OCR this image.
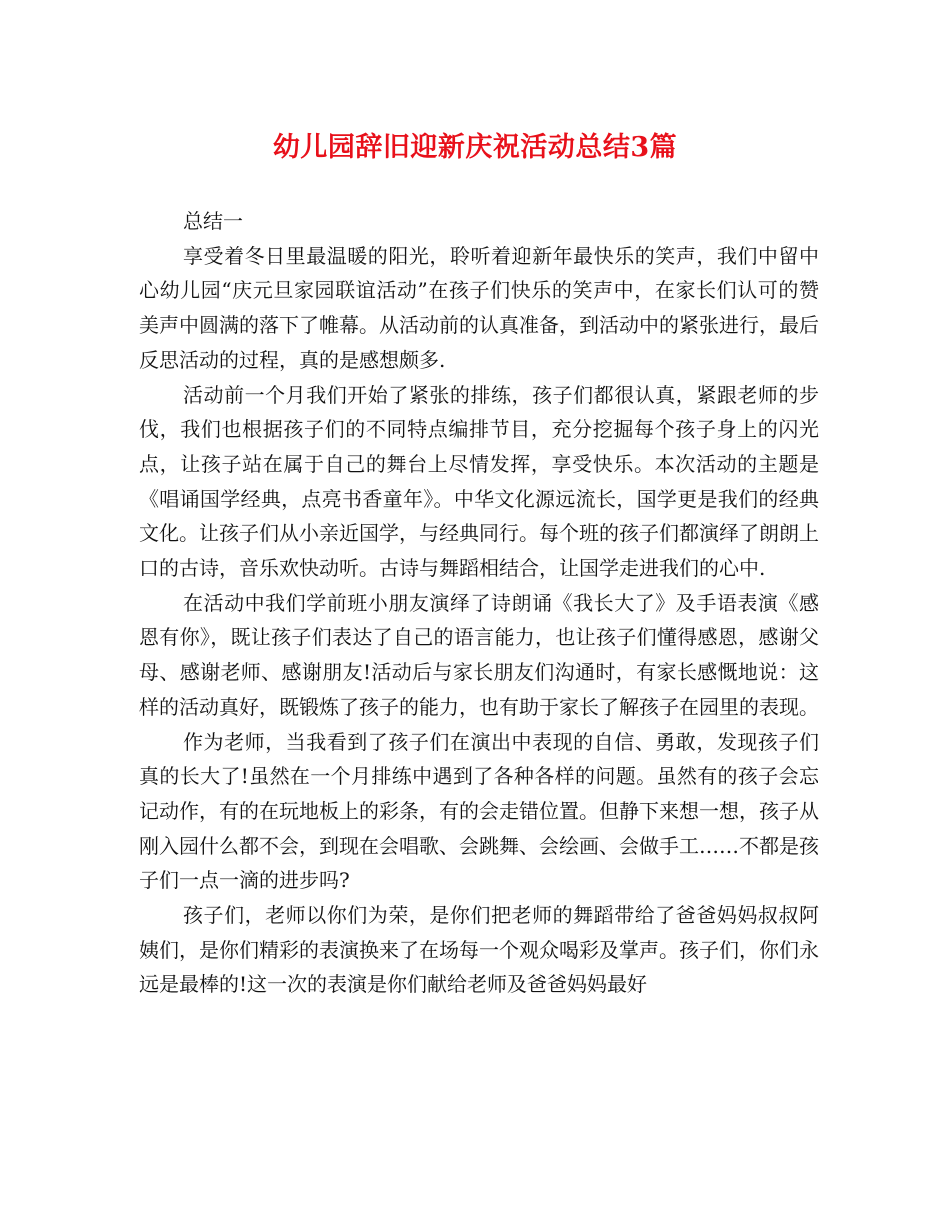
幼儿园辞旧迎新庆祝活动总结3篇

总结一

享受着冬日里最温暖的阳光，聆听着迎新年最快乐的笑声，我们中留中心幼儿园“庆元旦家园联谊活动”在孩子们快乐的笑声中，在家长们认可的赞美声中圆满的落下了帷幕。从活动前的认真准备，到活动中的紧张进行，最后反思活动的过程，真的是感想颇多.

活动前一个月我们开始了紧张的排练，孩子们都很认真，紧跟老师的步伐，我们也根据孩子们的不同特点编排节目，充分挖掘每个孩子身上的闪光点，让孩子站在属于自己的舞台上尽情发挥，享受快乐。本次活动的主题是《唱诵国学经典，点亮书香童年》。中华文化源远流长，国学更是我们的经典文化。让孩子们从小亲近国学，与经典同行。每个班的孩子们都演绎了朗朗上口的古诗，音乐欢快动听。古诗与舞蹈相结合，让国学走进我们的心中.

在活动中我们学前班小朋友演绎了诗朗诵《我长大了》及手语表演《感恩有你》，既让孩子们表达了自己的语言能力，也让孩子们懂得感恩，感谢父母、感谢老师、感谢朋友!活动后与家长朋友们沟通时，有家长感慨地说：这样的活动真好，既锻炼了孩子的能力，也有助于家长了解孩子在园里的表现。

作为老师，当我看到了孩子们在演出中表现的自信、勇敢，发现孩子们真的长大了!虽然在一个月排练中遇到了各种各样的问题。虽然有的孩子会忘记动作，有的在玩地板上的彩条，有的会走错位置。但静下来想一想，孩子从刚入园什么都不会，到现在会唱歌、会跳舞、会绘画、会做手工……不都是孩子们一点一滴的进步吗?

孩子们，老师以你们为荣，是你们把老师的舞蹈带给了爸爸妈妈叔叔阿姨们，是你们精彩的表演换来了在场每一个观众喝彩及掌声。孩子们，你们永远是最棒的!这一次的表演是你们献给老师及爸爸妈妈最好
